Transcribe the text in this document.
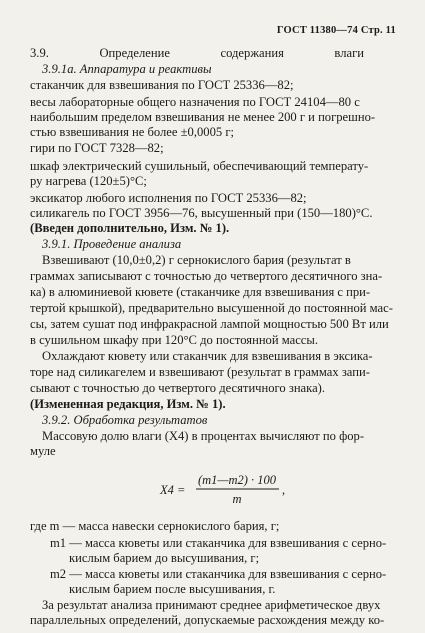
ГОСТ 11380—74 Стр. 11
3.9. Определение содержания влаги
3.9.1а. Аппаратура и реактивы
стаканчик для взвешивания по ГОСТ 25336—82;
весы лабораторные общего назначения по ГОСТ 24104—80 с
наибольшим пределом взвешивания не менее 200 г и погрешно-
стью взвешивания не более ±0,0005 г;
гири по ГОСТ 7328—82;
шкаф электрический сушильный, обеспечивающий температу-
ру нагрева (120±5)°С;
эксикатор любого исполнения по ГОСТ 25336—82;
силикагель по ГОСТ 3956—76, высушенный при (150—180)°С.
(Введен дополнительно, Изм. № 1).
3.9.1. Проведение анализа
Взвешивают (10,0±0,2) г сернокислого бария (результат в
граммах записывают с точностью до четвертого десятичного зна-
ка) в алюминиевой кювете (стаканчике для взвешивания с при-
тертой крышкой), предварительно высушенной до постоянной мас-
сы, затем сушат под инфракрасной лампой мощностью 500 Вт или
в сушильном шкафу при 120°С до постоянной массы.
Охлаждают кювету или стаканчик для взвешивания в эксика-
торе над силикагелем и взвешивают (результат в граммах запи-
сывают с точностью до четвертого десятичного знака).
(Измененная редакция, Изм. № 1).
3.9.2. Обработка результатов
Массовую долю влаги (X4) в процентах вычисляют по фор-
муле
X4 =
(m1—m2) · 100
m
,
где m — масса навески сернокислого бария, г;
m1 — масса кюветы или стаканчика для взвешивания с серно-
кислым барием до высушивания, г;
m2 — масса кюветы или стаканчика для взвешивания с серно-
кислым барием после высушивания, г.
За результат анализа принимают среднее арифметическое двух
параллельных определений, допускаемые расхождения между ко-
